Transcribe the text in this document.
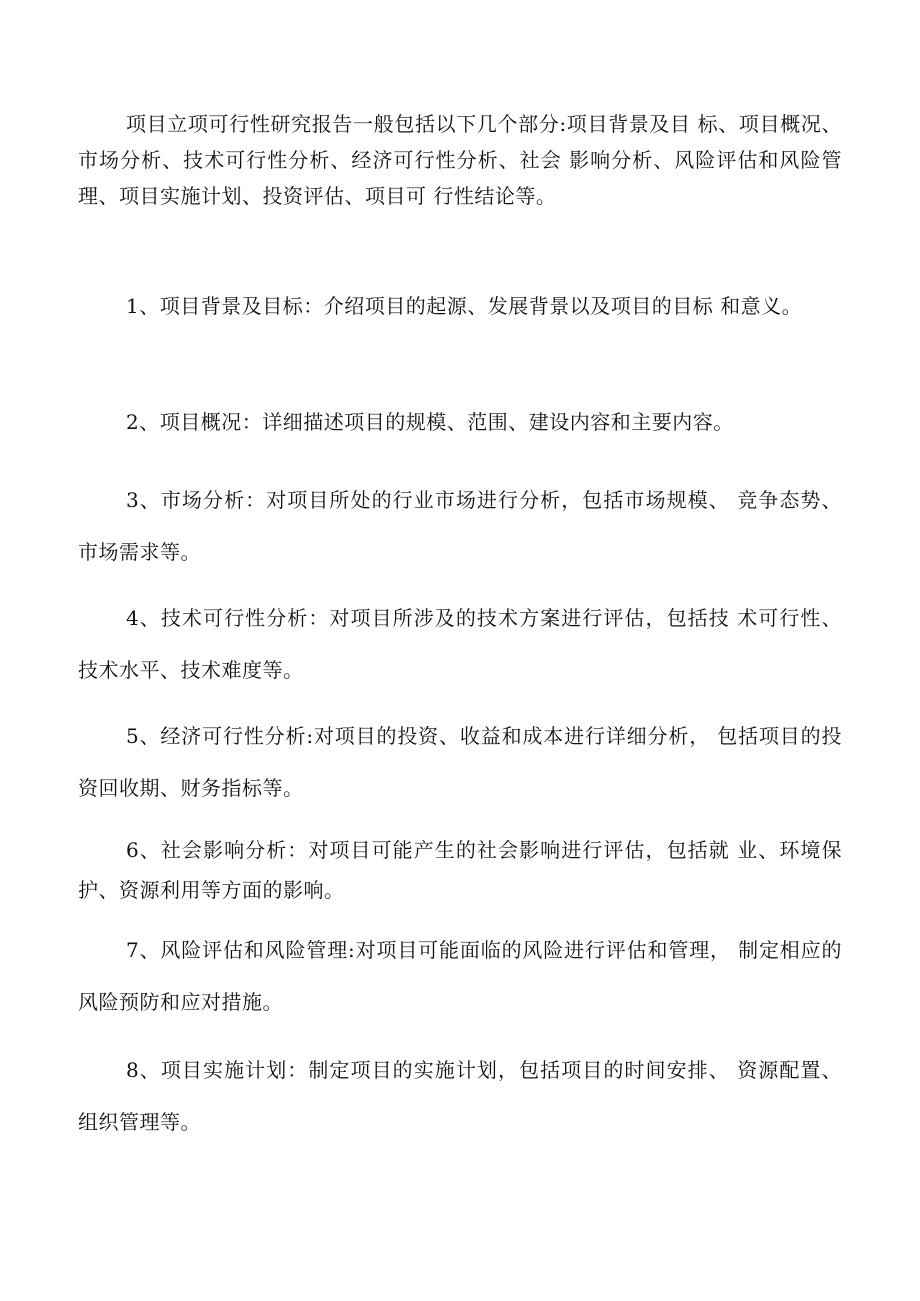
项目立项可行性研究报告一般包括以下几个部分:项目背景及目 标、项目概况、市场分析、技术可行性分析、经济可行性分析、社会 影响分析、风险评估和风险管理、项目实施计划、投资评估、项目可 行性结论等。

1、项目背景及目标：介绍项目的起源、发展背景以及项目的目标 和意义。

2、项目概况：详细描述项目的规模、范围、建设内容和主要内容。

3、市场分析：对项目所处的行业市场进行分析，包括市场规模、 竞争态势、市场需求等。

4、技术可行性分析：对项目所涉及的技术方案进行评估，包括技 术可行性、技术水平、技术难度等。

5、经济可行性分析:对项目的投资、收益和成本进行详细分析， 包括项目的投资回收期、财务指标等。

6、社会影响分析：对项目可能产生的社会影响进行评估，包括就 业、环境保护、资源利用等方面的影响。

7、风险评估和风险管理:对项目可能面临的风险进行评估和管理， 制定相应的风险预防和应对措施。

8、项目实施计划：制定项目的实施计划，包括项目的时间安排、 资源配置、组织管理等。
